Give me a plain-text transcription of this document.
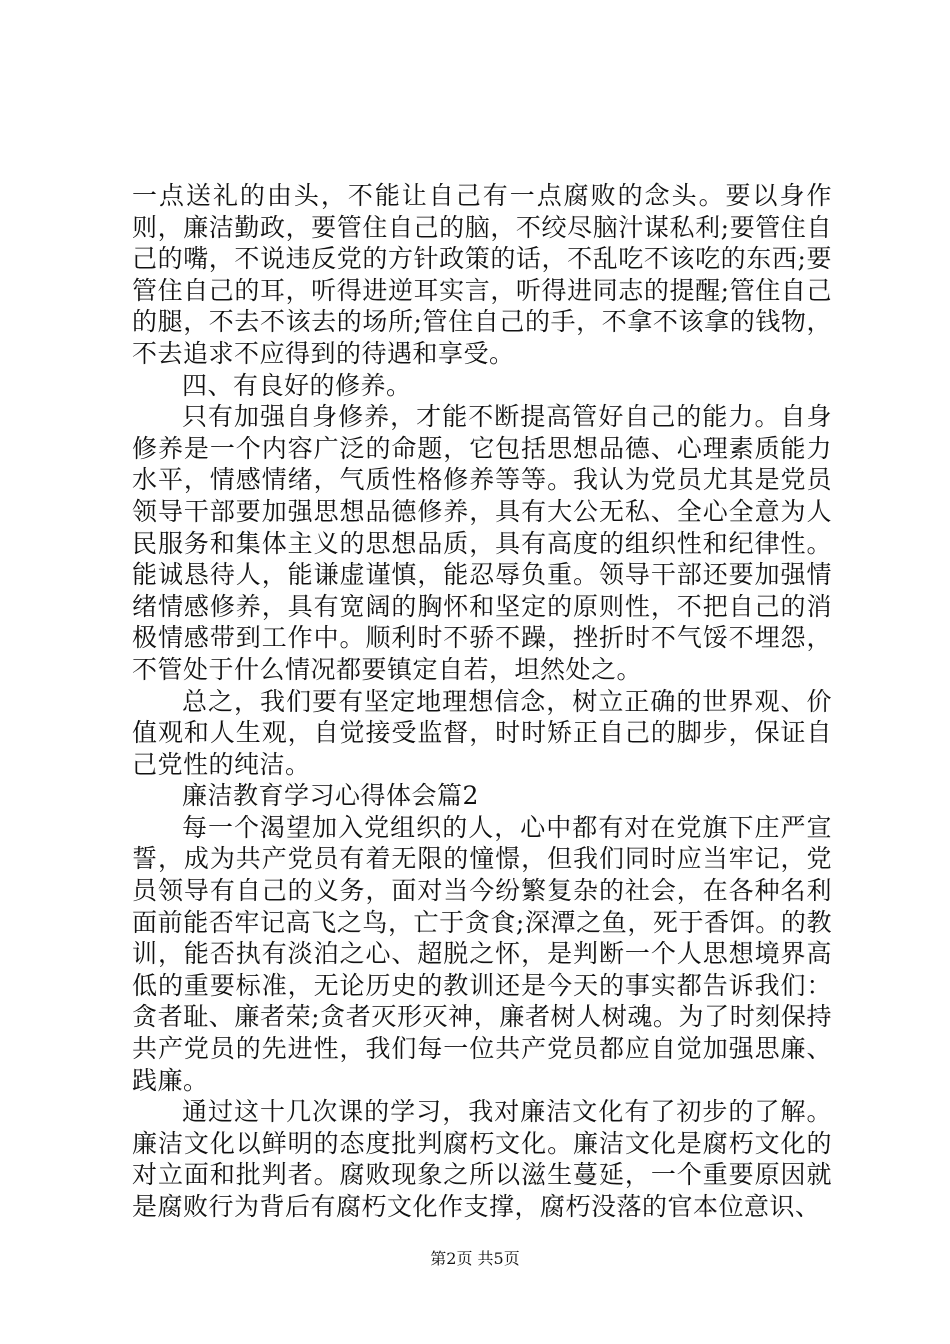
一点送礼的由头，不能让自己有一点腐败的念头。要以身作则，廉洁勤政，要管住自己的脑，不绞尽脑汁谋私利;要管住自己的嘴，不说违反党的方针政策的话，不乱吃不该吃的东西;要管住自己的耳，听得进逆耳实言，听得进同志的提醒;管住自己的腿，不去不该去的场所;管住自己的手，不拿不该拿的钱物，不去追求不应得到的待遇和享受。

四、有良好的修养。

只有加强自身修养，才能不断提高管好自己的能力。自身修养是一个内容广泛的命题，它包括思想品德、心理素质能力水平，情感情绪，气质性格修养等等。我认为党员尤其是党员领导干部要加强思想品德修养，具有大公无私、全心全意为人民服务和集体主义的思想品质，具有高度的组织性和纪律性。能诚恳待人，能谦虚谨慎，能忍辱负重。领导干部还要加强情绪情感修养，具有宽阔的胸怀和坚定的原则性，不把自己的消极情感带到工作中。顺利时不骄不躁，挫折时不气馁不埋怨，不管处于什么情况都要镇定自若，坦然处之。

总之，我们要有坚定地理想信念，树立正确的世界观、价值观和人生观，自觉接受监督，时时矫正自己的脚步，保证自己党性的纯洁。

廉洁教育学习心得体会篇2

每一个渴望加入党组织的人，心中都有对在党旗下庄严宣誓，成为共产党员有着无限的憧憬，但我们同时应当牢记，党员领导有自己的义务，面对当今纷繁复杂的社会，在各种名利面前能否牢记高飞之鸟，亡于贪食;深潭之鱼，死于香饵。的教训，能否执有淡泊之心、超脱之怀，是判断一个人思想境界高低的重要标准，无论历史的教训还是今天的事实都告诉我们：贪者耻、廉者荣;贪者灭形灭神，廉者树人树魂。为了时刻保持共产党员的先进性，我们每一位共产党员都应自觉加强思廉、践廉。

通过这十几次课的学习，我对廉洁文化有了初步的了解。廉洁文化以鲜明的态度批判腐朽文化。廉洁文化是腐朽文化的对立面和批判者。腐败现象之所以滋生蔓延，一个重要原因就是腐败行为背后有腐朽文化作支撑，腐朽没落的官本位意识、

第2页 共5页
